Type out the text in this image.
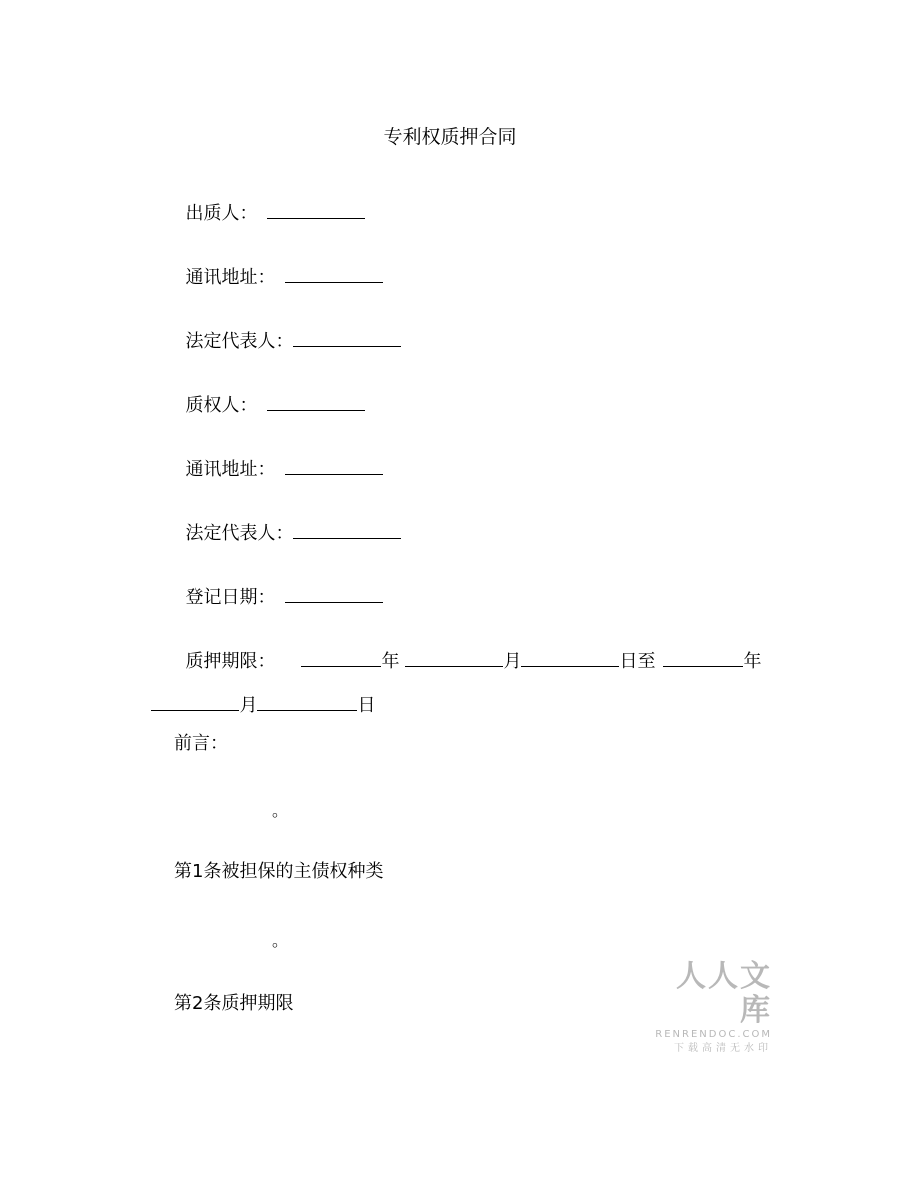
专利权质押合同

出质人：

通讯地址：

法定代表人：

质权人：

通讯地址：

法定代表人：

登记日期：

质押期限：	年	月	日至	年

月	日

前言：
。
第1条被担保的主债权种类
。
第2条质押期限
人人文库
RENRENDOC.COM
下载高清无水印
